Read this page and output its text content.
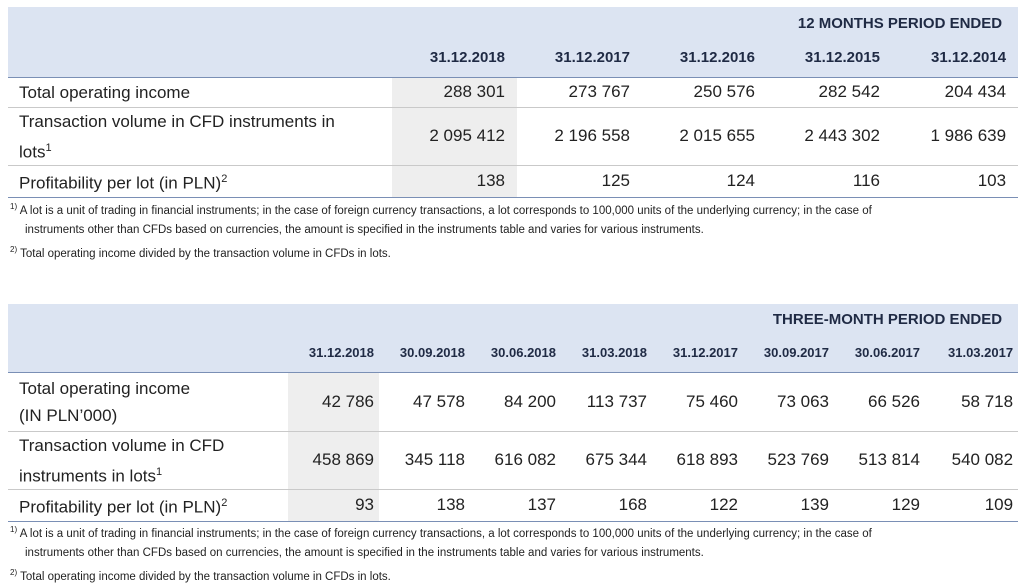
12 MONTHS PERIOD ENDED					
	31.12.2018	31.12.2017	31.12.2016	31.12.2015	31.12.2014
Total operating income	288 301	273 767	250 576	282 542	204 434
Transaction volume in CFD instruments in
lots$^1$	2 095 412	2 196 558	2 015 655	2 443 302	1 986 639
Profitability per lot (in PLN)$^2$	138	125	124	116	103
$^{1)}$ A lot is a unit of trading in financial instruments; in the case of foreign currency transactions, a lot corresponds to 100,000 units of the underlying currency; in the case of
instruments other than CFDs based on currencies, the amount is specified in the instruments table and varies for various instruments.
$^{2)}$ Total operating income divided by the transaction volume in CFDs in lots.
THREE-MONTH PERIOD ENDED								
	31.12.2018	30.09.2018	30.06.2018	31.03.2018	31.12.2017	30.09.2017	30.06.2017	31.03.2017
Total operating income
(IN PLN’000)	42 786	47 578	84 200	113 737	75 460	73 063	66 526	58 718
Transaction volume in CFD
instruments in lots$^1$	458 869	345 118	616 082	675 344	618 893	523 769	513 814	540 082
Profitability per lot (in PLN)$^2$	93	138	137	168	122	139	129	109
$^{1)}$ A lot is a unit of trading in financial instruments; in the case of foreign currency transactions, a lot corresponds to 100,000 units of the underlying currency; in the case of
instruments other than CFDs based on currencies, the amount is specified in the instruments table and varies for various instruments.
$^{2)}$ Total operating income divided by the transaction volume in CFDs in lots.
